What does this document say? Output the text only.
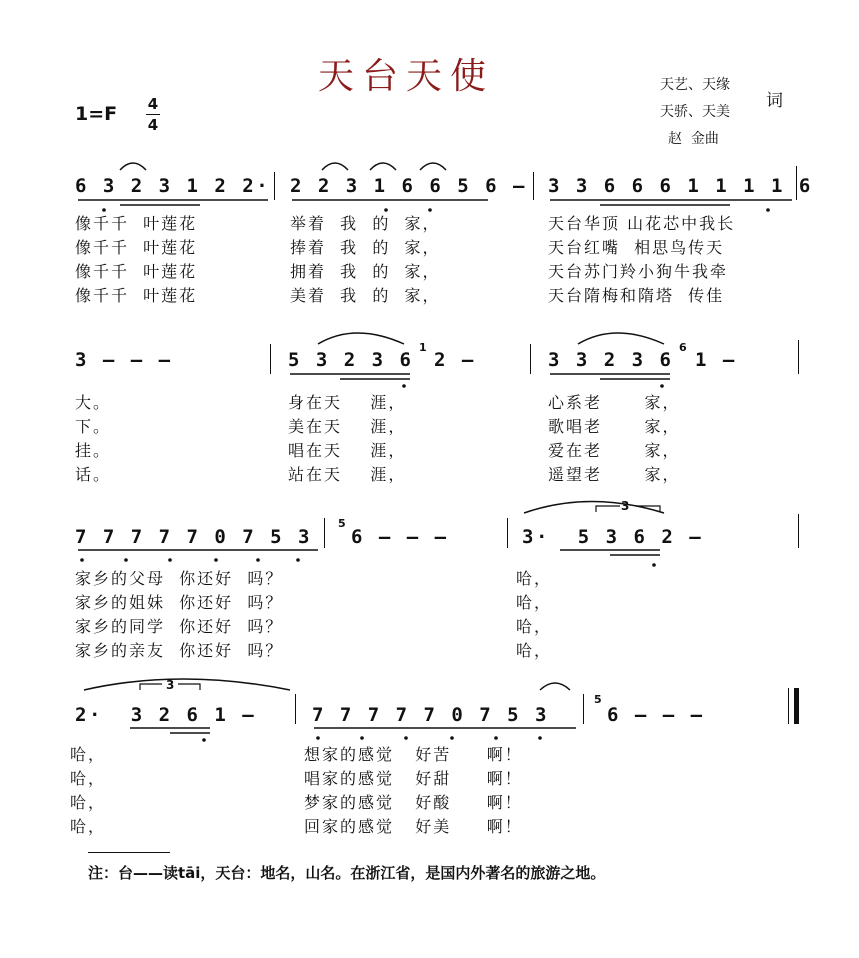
天台天使	天艺、天缘
天骄、天美
词
赵  金曲
1=F 4
4
6 3 2 3 1 2 2· 2 2 3 1 6 6 5 6 – 3 3 6 6 6 1 1 1 1 6
像千千  叶莲花	举着  我  的  家，	天台华顶 山花芯中我长
像千千  叶莲花	捧着  我  的  家，	天台红嘴  相思鸟传天
像千千  叶莲花	拥着  我  的  家，	天台苏门羚小狗牛我牵
像千千  叶莲花	美着  我  的  家，	天台隋梅和隋塔  传佳
3 – – –	5 3 2 3 6
1
2 –	3 3 2 3 6
6
1 –
大。	身在天    涯，	心系老      家，
下。	美在天    涯，	歌唱老      家，
挂。	唱在天    涯，	爱在老      家，
话。	站在天    涯，	遥望老      家，
7 7 7 7 7 0 7 5 3
5
6 – – –	3·  5 3 6 2 –
3
家乡的父母  你还好  吗？	哈，
家乡的姐妹  你还好  吗？	哈，
家乡的同学  你还好  吗？	哈，
家乡的亲友  你还好  吗？	哈，
2·  3 2 6 1 –
3
7 7 7 7 7 0 7 5 3
5
6 – – –
哈，	想家的感觉   好苦     啊！
哈，	唱家的感觉   好甜     啊！
哈，	梦家的感觉   好酸     啊！
哈，	回家的感觉   好美     啊！
注：台——读tāi，天台：地名，山名。在浙江省，是国内外著名的旅游之地。
